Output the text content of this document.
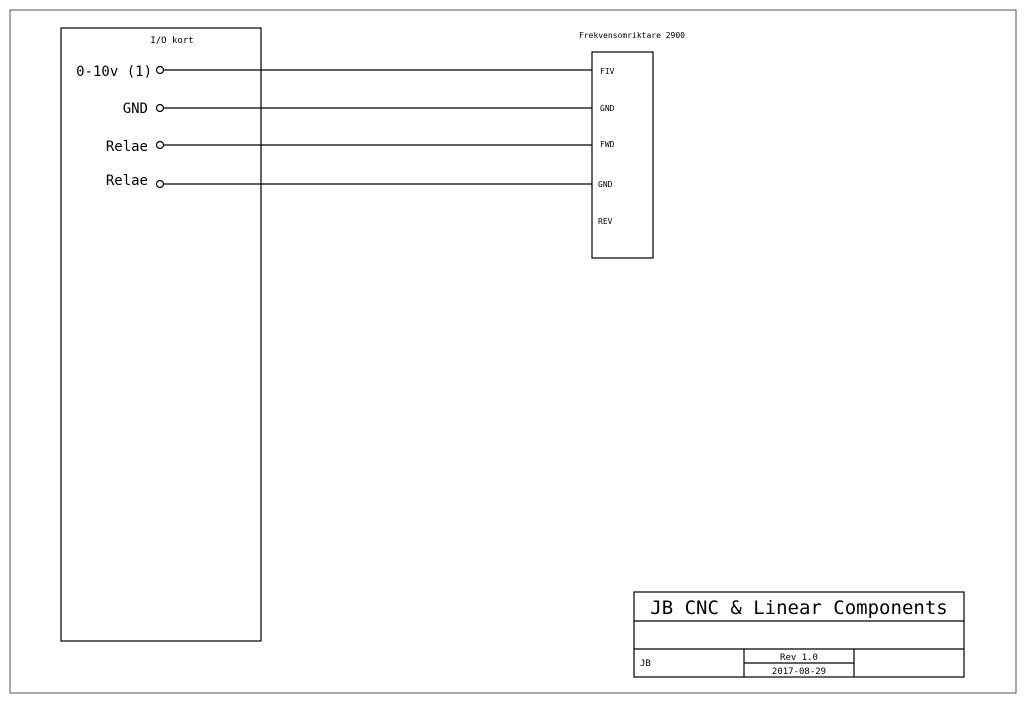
I/O kort
0-10v (1)
GND
Relae
Relae
Frekvensomriktare 2900
FIV
GND
FWD
GND
REV
JB CNC & Linear Components
JB
Rev 1.0
2017-08-29
